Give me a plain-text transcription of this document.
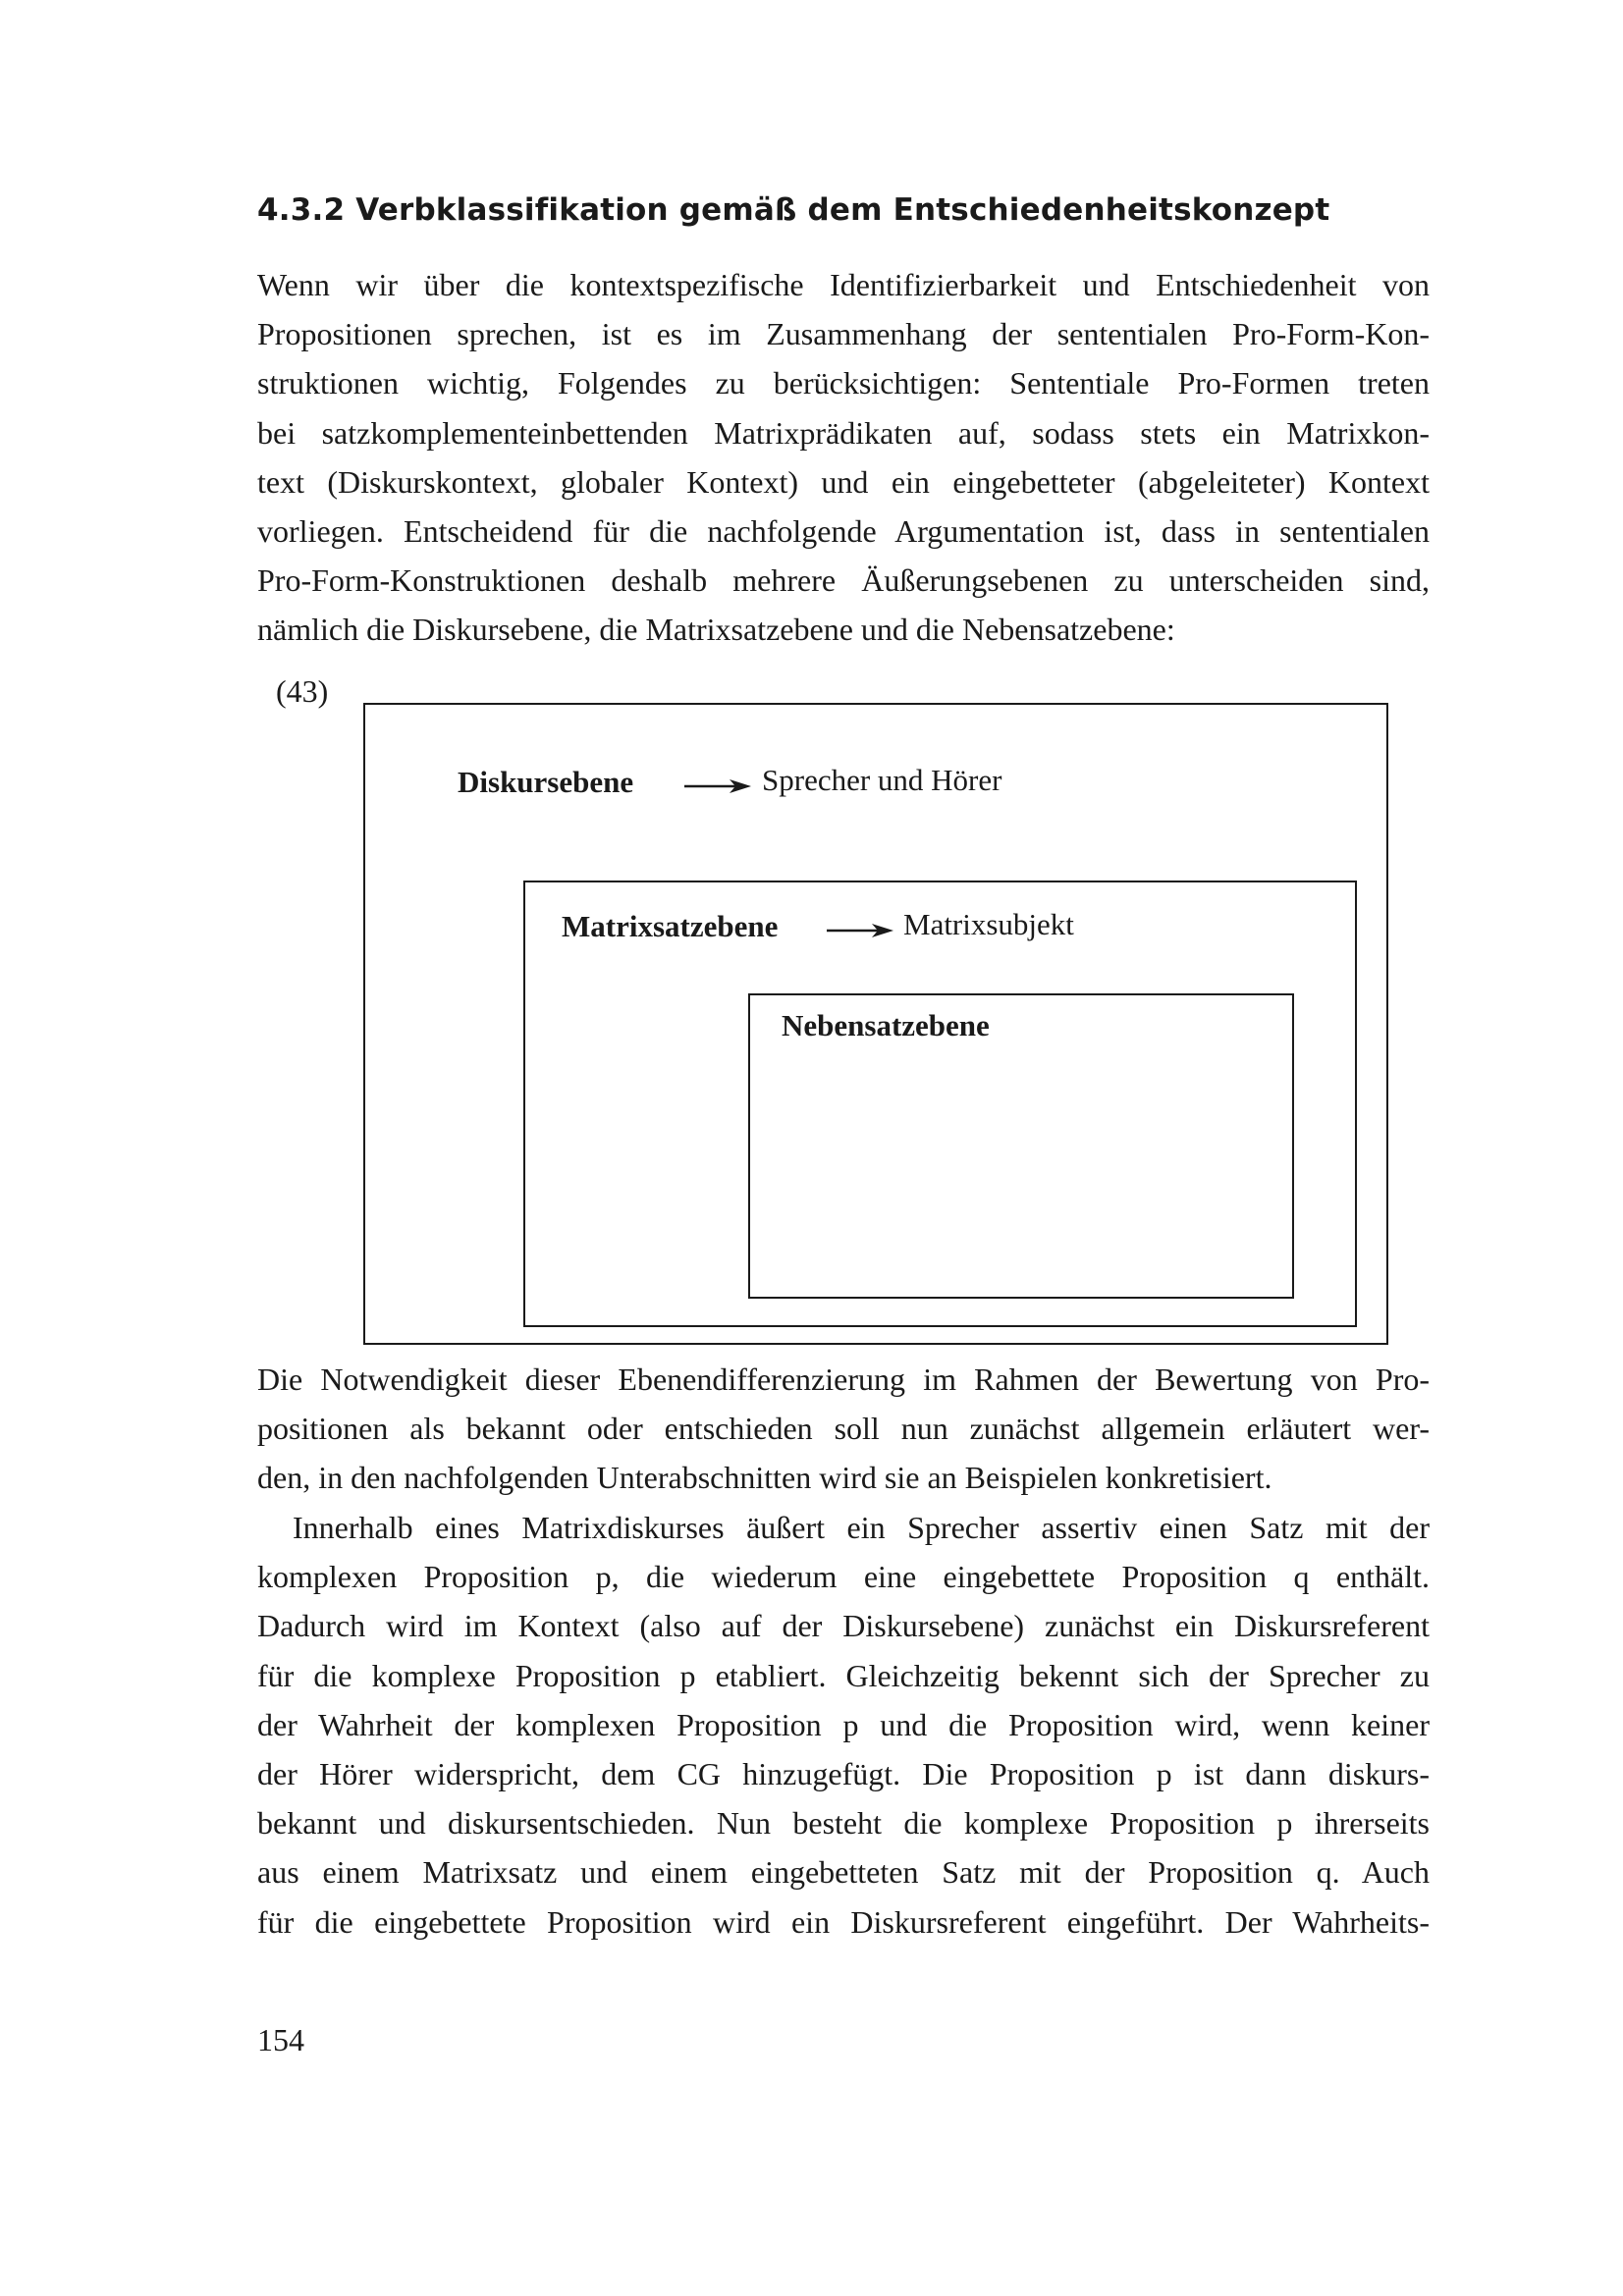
4.3.2 Verbklassifikation gemäß dem Entschiedenheitskonzept
Wenn wir über die kontextspezifische Identifizierbarkeit und Entschiedenheit von
Propositionen sprechen, ist es im Zusammenhang der sententialen Pro-Form-Kon-
struktionen wichtig, Folgendes zu berücksichtigen: Sententiale Pro-Formen treten
bei satzkomplementeinbettenden Matrixprädikaten auf, sodass stets ein Matrixkon-
text (Diskurskontext, globaler Kontext) und ein eingebetteter (abgeleiteter) Kontext
vorliegen. Entscheidend für die nachfolgende Argumentation ist, dass in sententialen
Pro-Form-Konstruktionen deshalb mehrere Äußerungsebenen zu unterscheiden sind,
nämlich die Diskursebene, die Matrixsatzebene und die Nebensatzebene:
(43)
Diskursebene	Sprecher und Hörer
Matrixsatzebene	Matrixsubjekt
Nebensatzebene
Die Notwendigkeit dieser Ebenendifferenzierung im Rahmen der Bewertung von Pro-
positionen als bekannt oder entschieden soll nun zunächst allgemein erläutert wer-
den, in den nachfolgenden Unterabschnitten wird sie an Beispielen konkretisiert.
Innerhalb eines Matrixdiskurses äußert ein Sprecher assertiv einen Satz mit der
komplexen Proposition p, die wiederum eine eingebettete Proposition q enthält.
Dadurch wird im Kontext (also auf der Diskursebene) zunächst ein Diskursreferent
für die komplexe Proposition p etabliert. Gleichzeitig bekennt sich der Sprecher zu
der Wahrheit der komplexen Proposition p und die Proposition wird, wenn keiner
der Hörer widerspricht, dem CG hinzugefügt. Die Proposition p ist dann diskurs-
bekannt und diskursentschieden. Nun besteht die komplexe Proposition p ihrerseits
aus einem Matrixsatz und einem eingebetteten Satz mit der Proposition q. Auch
für die eingebettete Proposition wird ein Diskursreferent eingeführt. Der Wahrheits-
154
